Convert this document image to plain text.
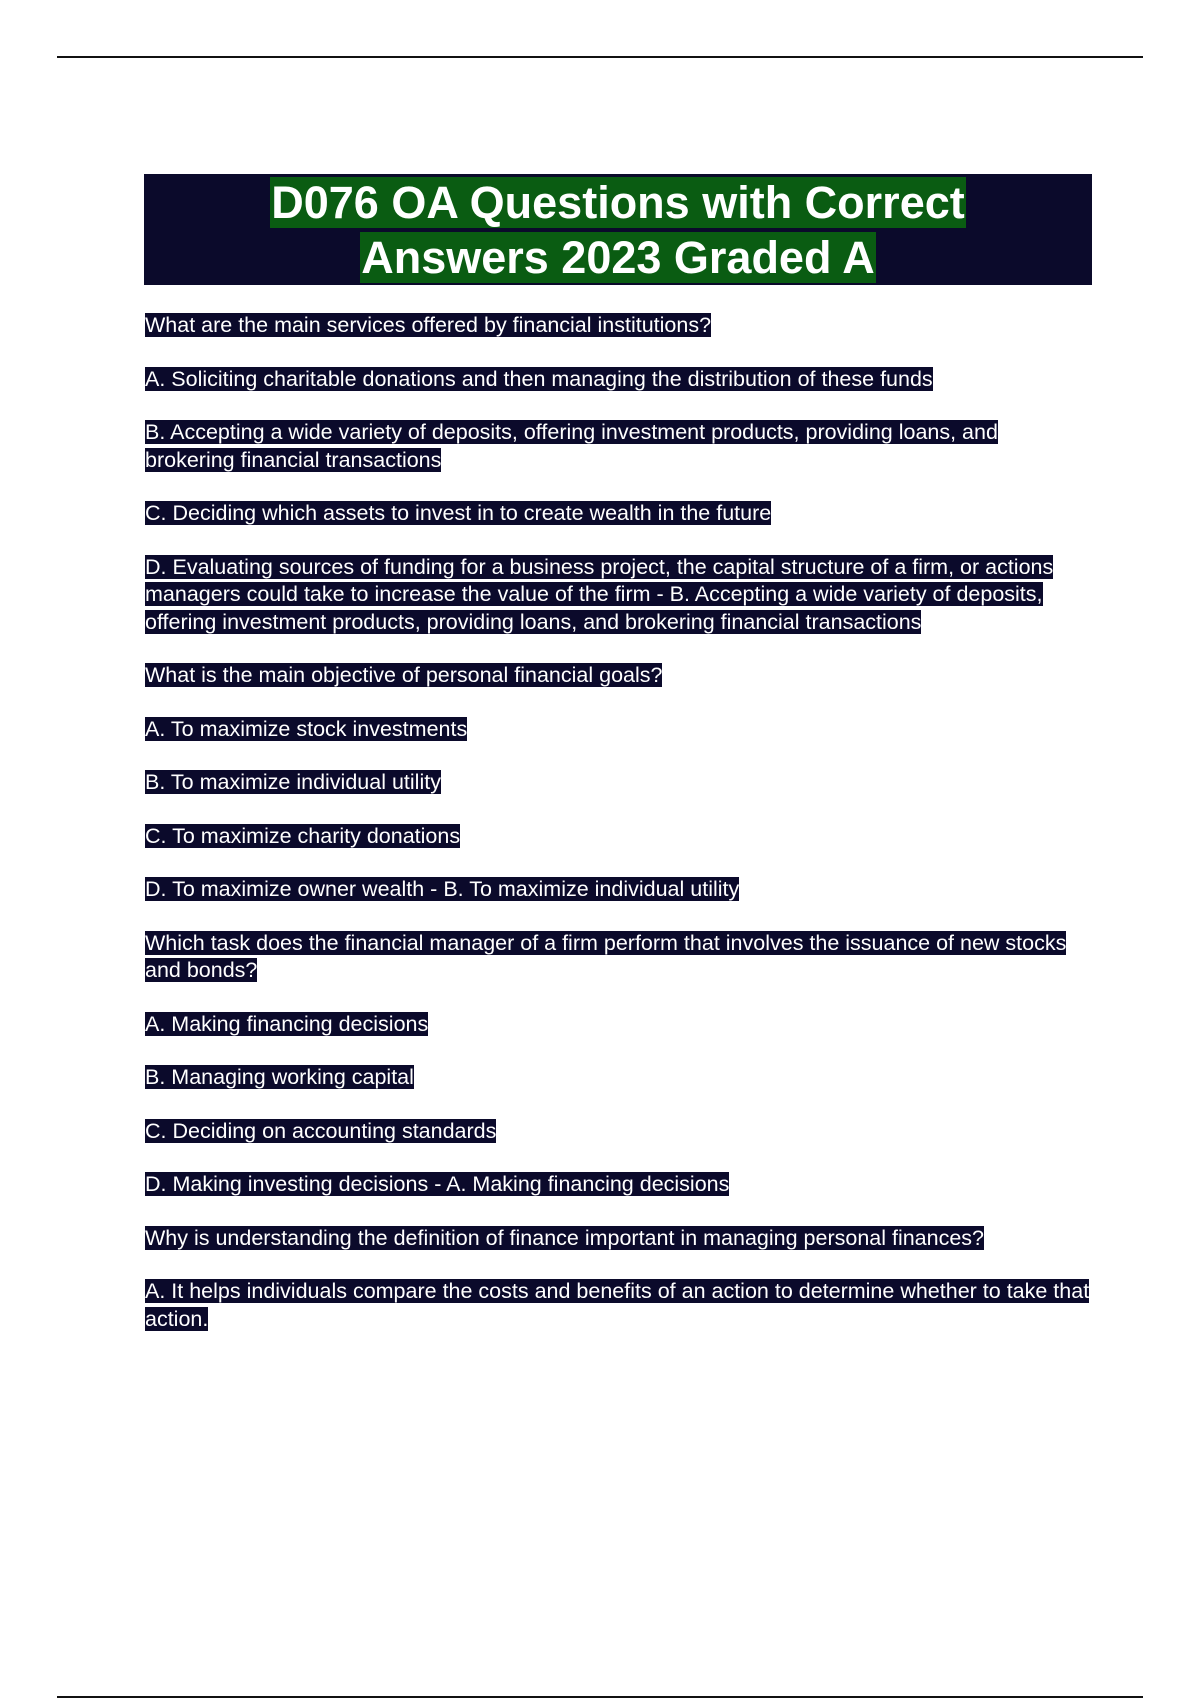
D076 OA Questions with Correct Answers 2023 Graded A

What are the main services offered by financial institutions?

A. Soliciting charitable donations and then managing the distribution of these funds

B. Accepting a wide variety of deposits, offering investment products, providing loans, and brokering financial transactions

C. Deciding which assets to invest in to create wealth in the future

D. Evaluating sources of funding for a business project, the capital structure of a firm, or actions managers could take to increase the value of the firm - B. Accepting a wide variety of deposits, offering investment products, providing loans, and brokering financial transactions

What is the main objective of personal financial goals?

A. To maximize stock investments

B. To maximize individual utility

C. To maximize charity donations

D. To maximize owner wealth - B. To maximize individual utility

Which task does the financial manager of a firm perform that involves the issuance of new stocks and bonds?

A. Making financing decisions

B. Managing working capital

C. Deciding on accounting standards

D. Making investing decisions - A. Making financing decisions

Why is understanding the definition of finance important in managing personal finances?

A. It helps individuals compare the costs and benefits of an action to determine whether to take that action.
